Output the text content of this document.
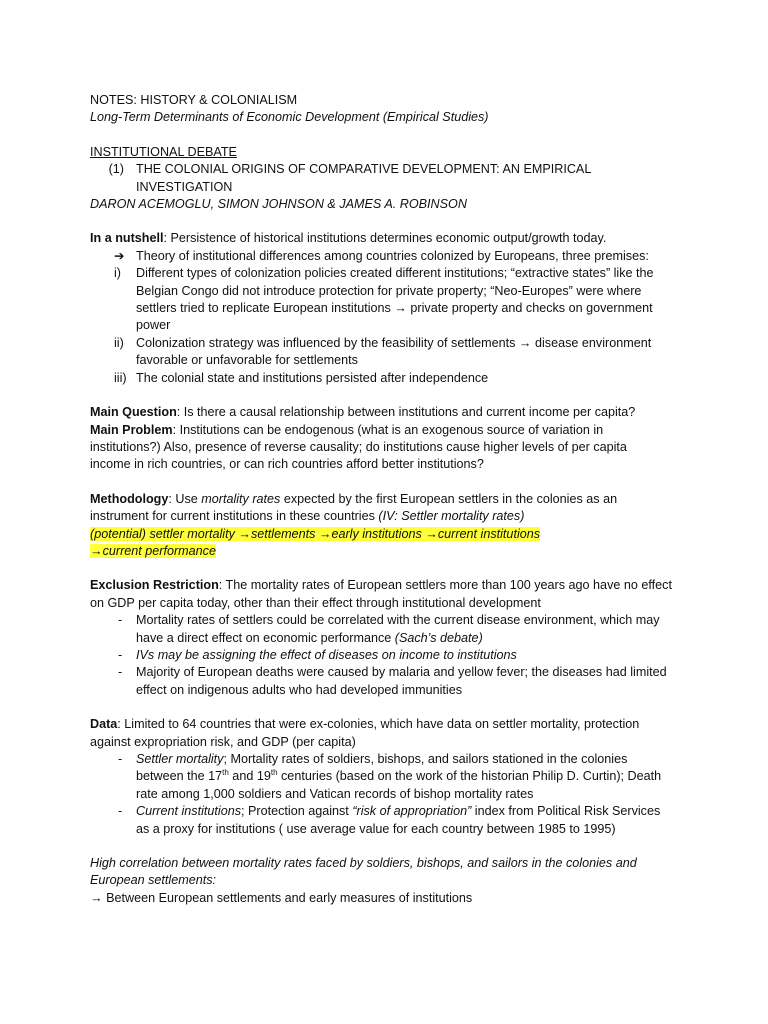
NOTES: HISTORY & COLONIALISM
Long-Term Determinants of Economic Development (Empirical Studies)
INSTITUTIONAL DEBATE
(1) THE COLONIAL ORIGINS OF COMPARATIVE DEVELOPMENT: AN EMPIRICAL
INVESTIGATION
DARON ACEMOGLU, SIMON JOHNSON & JAMES A. ROBINSON
In a nutshell: Persistence of historical institutions determines economic output/growth today.
➔ Theory of institutional differences among countries colonized by Europeans, three premises:
i)	Different types of colonization policies created different institutions; “extractive states” like the
Belgian Congo did not introduce protection for private property; “Neo-Europes” were where
settlers tried to replicate European institutions → private property and checks on government
power
ii) Colonization strategy was influenced by the feasibility of settlements → disease environment
favorable or unfavorable for settlements
iii) The colonial state and institutions persisted after independence
Main Question: Is there a causal relationship between institutions and current income per capita?
Main Problem: Institutions can be endogenous (what is an exogenous source of variation in
institutions?) Also, presence of reverse causality; do institutions cause higher levels of per capita
income in rich countries, or can rich countries afford better institutions?
Methodology: Use mortality rates expected by the first European settlers in the colonies as an
instrument for current institutions in these countries (IV: Settler mortality rates)
(potential) settler mortality →settlements →early institutions →current institutions
→current performance
Exclusion Restriction: The mortality rates of European settlers more than 100 years ago have no effect
on GDP per capita today, other than their effect through institutional development
-	Mortality rates of settlers could be correlated with the current disease environment, which may
have a direct effect on economic performance (Sach’s debate)
-	IVs may be assigning the effect of diseases on income to institutions
-	Majority of European deaths were caused by malaria and yellow fever; the diseases had limited
effect on indigenous adults who had developed immunities
Data: Limited to 64 countries that were ex-colonies, which have data on settler mortality, protection
against expropriation risk, and GDP (per capita)
-	Settler mortality; Mortality rates of soldiers, bishops, and sailors stationed in the colonies
between the 17th and 19th centuries (based on the work of the historian Philip D. Curtin); Death
rate among 1,000 soldiers and Vatican records of bishop mortality rates
-	Current institutions; Protection against “risk of appropriation” index from Political Risk Services
as a proxy for institutions ( use average value for each country between 1985 to 1995)
High correlation between mortality rates faced by soldiers, bishops, and sailors in the colonies and
European settlements:
→ Between European settlements and early measures of institutions
